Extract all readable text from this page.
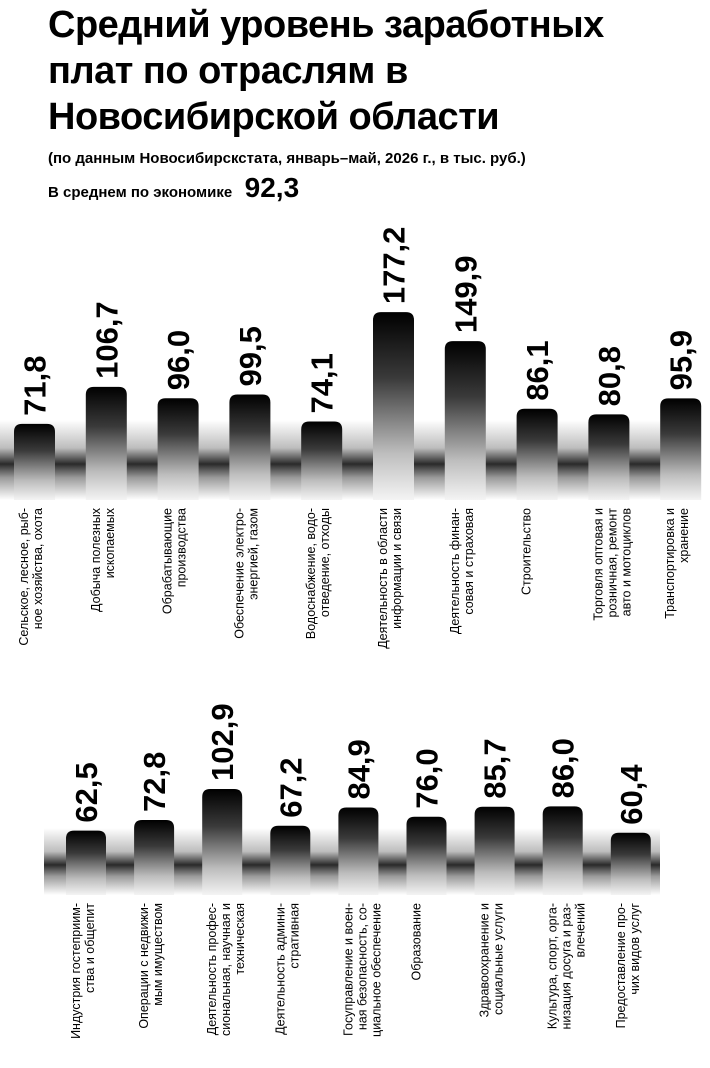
Средний уровень заработных плат по отраслям в Новосибирской области

(по данным Новосибирскстата, январь–май, 2026 г., в тыс. руб.)

В среднем по экономике 92,3
71,8
Сельское, лесное, рыб-ное хозяйства, охота
106,7
Добыча полезныхископаемых
96,0
Обрабатывающиепроизводства
99,5
Обеспечение электро-энергией, газом
74,1
Водоснабжение, водо-отведение, отходы
177,2
Деятельность в областиинформации и связи
149,9
Деятельность финан-совая и страховая
86,1
Строительство
80,8
Торговля оптовая ирозничная, ремонтавто и мотоциклов
95,9
Транспортировка ихранение
62,5
Индустрия гостеприим-ства и общепит
72,8
Операции с недвижи-мым имуществом
102,9
Деятельность профес-сиональная, научная итехническая
67,2
Деятельность админи-стративная
84,9
Госуправление и воен-ная безопасность, со-циальное обеспечение
76,0
Образование
85,7
Здравоохранение исоциальные услуги
86,0
Культура, спорт, орга-низация досуга и раз-влечений
60,4
Предоставление про-чих видов услуг
